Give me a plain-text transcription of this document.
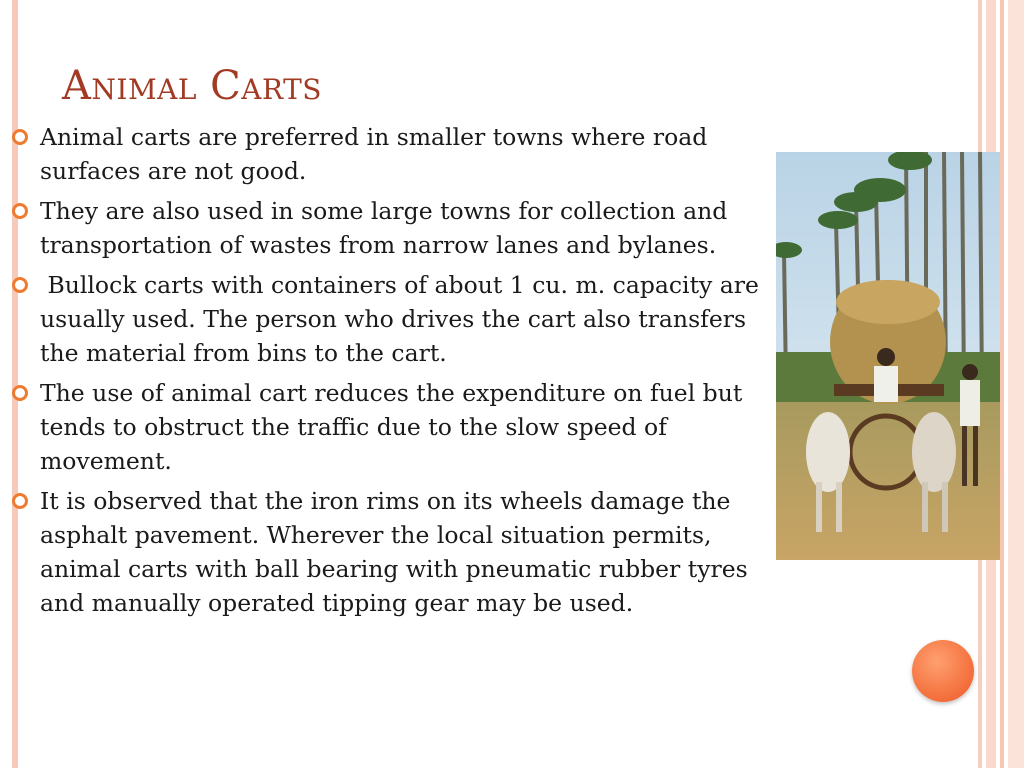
Animal Carts
Animal carts are preferred in smaller towns where road surfaces are not good.
They are also used in some large towns for collection and transportation of wastes from narrow lanes and bylanes.
Bullock carts with containers of about 1 cu. m. capacity are usually used. The person who drives the cart also transfers the material from bins to the cart.
The use of animal cart reduces the expenditure on fuel but tends to obstruct the traffic due to the slow speed of movement.
It is observed that the iron rims on its wheels damage the asphalt pavement. Wherever the local situation permits, animal carts with ball bearing with pneumatic rubber tyres and manually operated tipping gear may be used.
